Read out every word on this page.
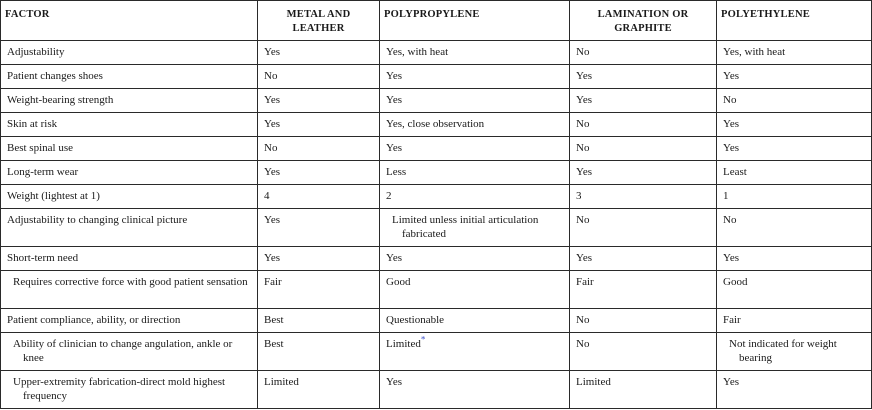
FACTOR	METAL AND LEATHER	POLYPROPYLENE	LAMINATION OR GRAPHITE	POLYETHYLENE
Adjustability	Yes	Yes, with heat	No	Yes, with heat
Patient changes shoes	No	Yes	Yes	Yes
Weight-bearing strength	Yes	Yes	Yes	No
Skin at risk	Yes	Yes, close observation	No	Yes
Best spinal use	No	Yes	No	Yes
Long-term wear	Yes	Less	Yes	Least
Weight (lightest at 1)	4	2	3	1
Adjustability to changing clinical picture	Yes	Limited unless initial articulation fabricated	No	No
Short-term need	Yes	Yes	Yes	Yes

Requires corrective force with good patient sensation	Fair	Good	Fair	Good
Patient compliance, ability, or direction	Best	Questionable	No	Fair

Ability of clinician to change angulation, ankle or knee	Best	Limited*	No	Not indicated for weight bearing

Upper-extremity fabrication-direct mold highest frequency	Limited	Yes	Limited	Yes
